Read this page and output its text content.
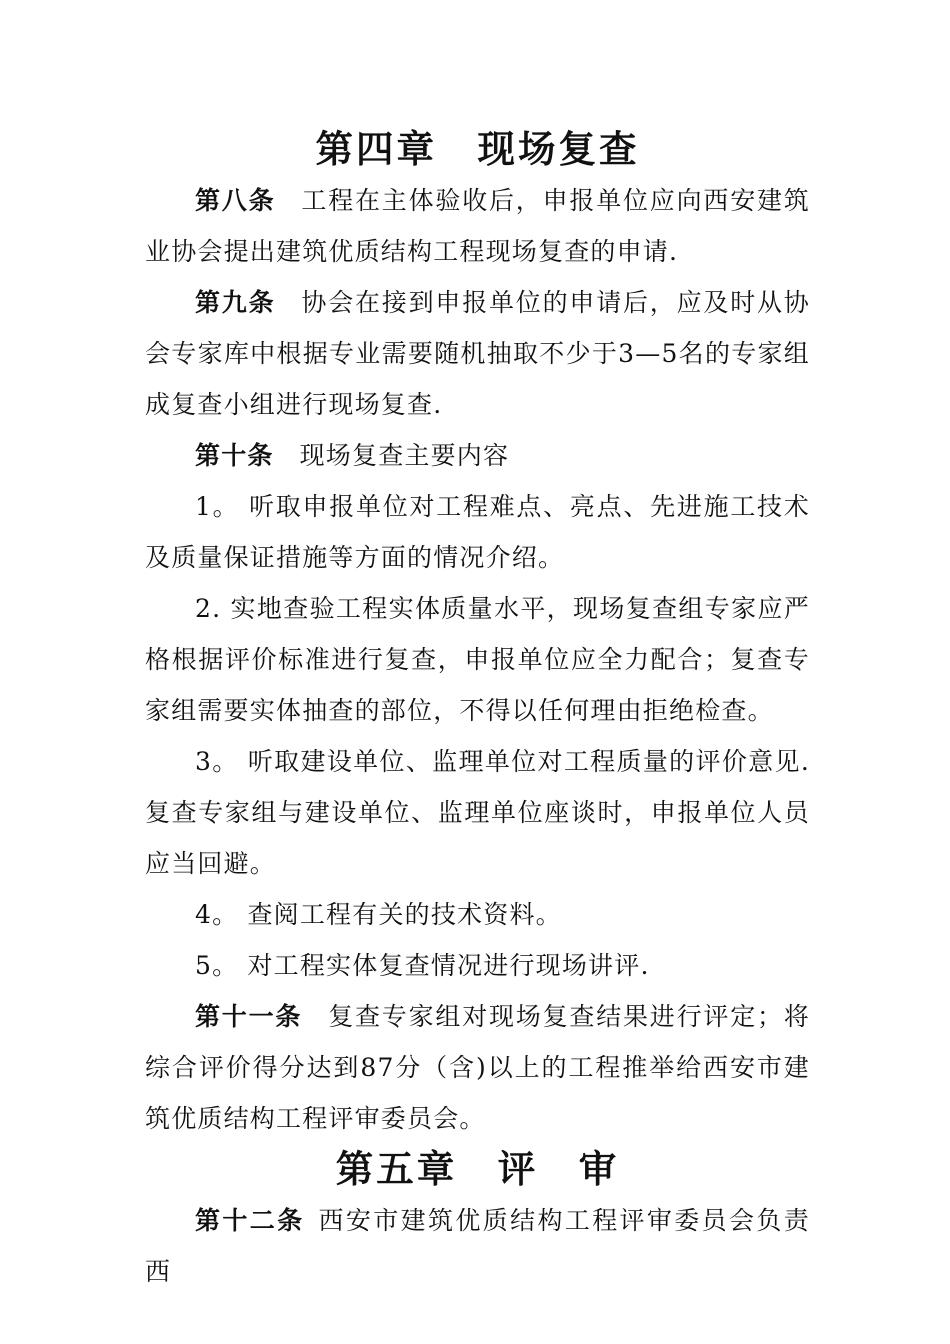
第四章　现场复查

第八条 工程在主体验收后，申报单位应向西安建筑业协会提出建筑优质结构工程现场复查的申请.

第九条 协会在接到申报单位的申请后，应及时从协会专家库中根据专业需要随机抽取不少于3—5名的专家组成复查小组进行现场复查.

第十条 现场复查主要内容

1。 听取申报单位对工程难点、亮点、先进施工技术及质量保证措施等方面的情况介绍。

2. 实地查验工程实体质量水平，现场复查组专家应严格根据评价标准进行复查，申报单位应全力配合；复查专家组需要实体抽查的部位，不得以任何理由拒绝检查。

3。 听取建设单位、监理单位对工程质量的评价意见.复查专家组与建设单位、监理单位座谈时，申报单位人员应当回避。

4。 查阅工程有关的技术资料。

5。 对工程实体复查情况进行现场讲评.

第十一条 复查专家组对现场复查结果进行评定；将综合评价得分达到87分（含)以上的工程推举给西安市建筑优质结构工程评审委员会。

第五章　评　审

第十二条 西安市建筑优质结构工程评审委员会负责西
